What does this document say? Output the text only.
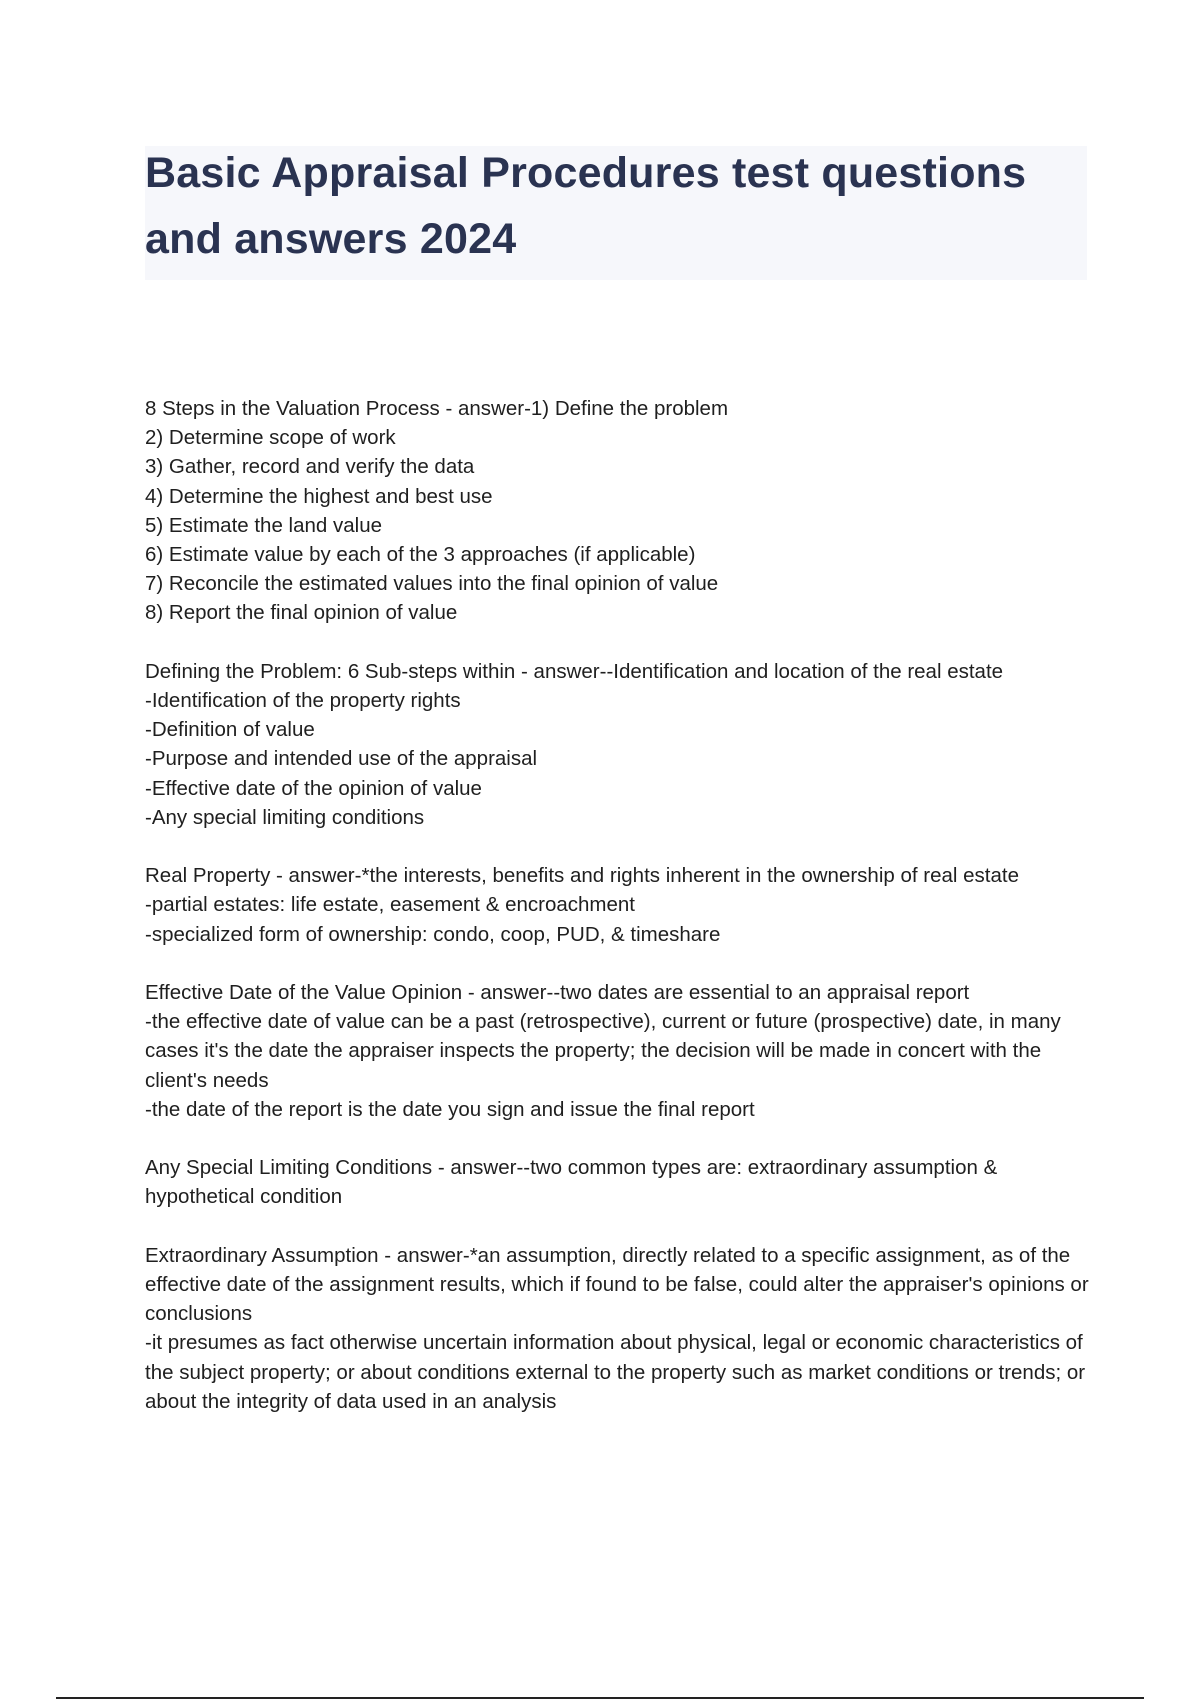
Basic Appraisal Procedures test questions
and answers 2024
8 Steps in the Valuation Process - answer-1) Define the problem
2) Determine scope of work
3) Gather, record and verify the data
4) Determine the highest and best use
5) Estimate the land value
6) Estimate value by each of the 3 approaches (if applicable)
7) Reconcile the estimated values into the final opinion of value
8) Report the final opinion of value
Defining the Problem: 6 Sub-steps within - answer--Identification and location of the real estate
-Identification of the property rights
-Definition of value
-Purpose and intended use of the appraisal
-Effective date of the opinion of value
-Any special limiting conditions
Real Property - answer-*the interests, benefits and rights inherent in the ownership of real estate
-partial estates: life estate, easement & encroachment
-specialized form of ownership: condo, coop, PUD, & timeshare
Effective Date of the Value Opinion - answer--two dates are essential to an appraisal report
-the effective date of value can be a past (retrospective), current or future (prospective) date, in many cases it's the date the appraiser inspects the property; the decision will be made in concert with the client's needs
-the date of the report is the date you sign and issue the final report
Any Special Limiting Conditions - answer--two common types are: extraordinary assumption & hypothetical condition
Extraordinary Assumption - answer-*an assumption, directly related to a specific assignment, as of the effective date of the assignment results, which if found to be false, could alter the appraiser's opinions or conclusions
-it presumes as fact otherwise uncertain information about physical, legal or economic characteristics of the subject property; or about conditions external to the property such as market conditions or trends; or about the integrity of data used in an analysis
